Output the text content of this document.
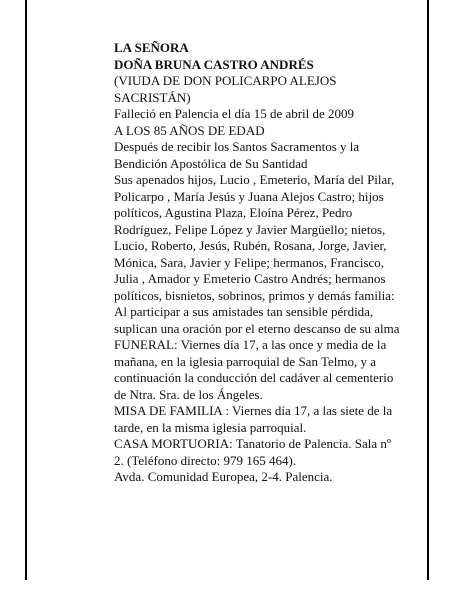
LA SEÑORA

DOÑA BRUNA CASTRO ANDRÉS

(VIUDA DE DON POLICARPO ALEJOS
SACRISTÁN)

Falleció en Palencia el día 15 de abril de 2009

A LOS 85 AÑOS DE EDAD

Después de recibir los Santos Sacramentos y la
Bendición Apostólica de Su Santidad

Sus apenados hijos, Lucio , Emeterio, María del Pilar,
Policarpo , María Jesús y Juana Alejos Castro; hijos
políticos, Agustina Plaza, Eloína Pérez, Pedro
Rodríguez, Felipe López y Javier Margüello; nietos,
Lucio, Roberto, Jesús, Rubén, Rosana, Jorge, Javier,
Mónica, Sara, Javier y Felipe; hermanos, Francisco,
Julia , Amador y Emeterio Castro Andrés; hermanos
políticos, bisnietos, sobrinos, primos y demás familia:

Al participar a sus amistades tan sensible pérdida,
suplican una oración por el eterno descanso de su alma

FUNERAL: Viernes día 17, a las once y media de la
mañana, en la iglesia parroquial de San Telmo, y a
continuación la conducción del cadáver al cementerio
de Ntra. Sra. de los Ángeles.

MISA DE FAMILIA : Viernes día 17, a las siete de la
tarde, en la misma iglesia parroquial.

CASA MORTUORIA: Tanatorio de Palencia. Sala nº
2. (Teléfono directo: 979 165 464).

Avda. Comunidad Europea, 2-4. Palencia.
